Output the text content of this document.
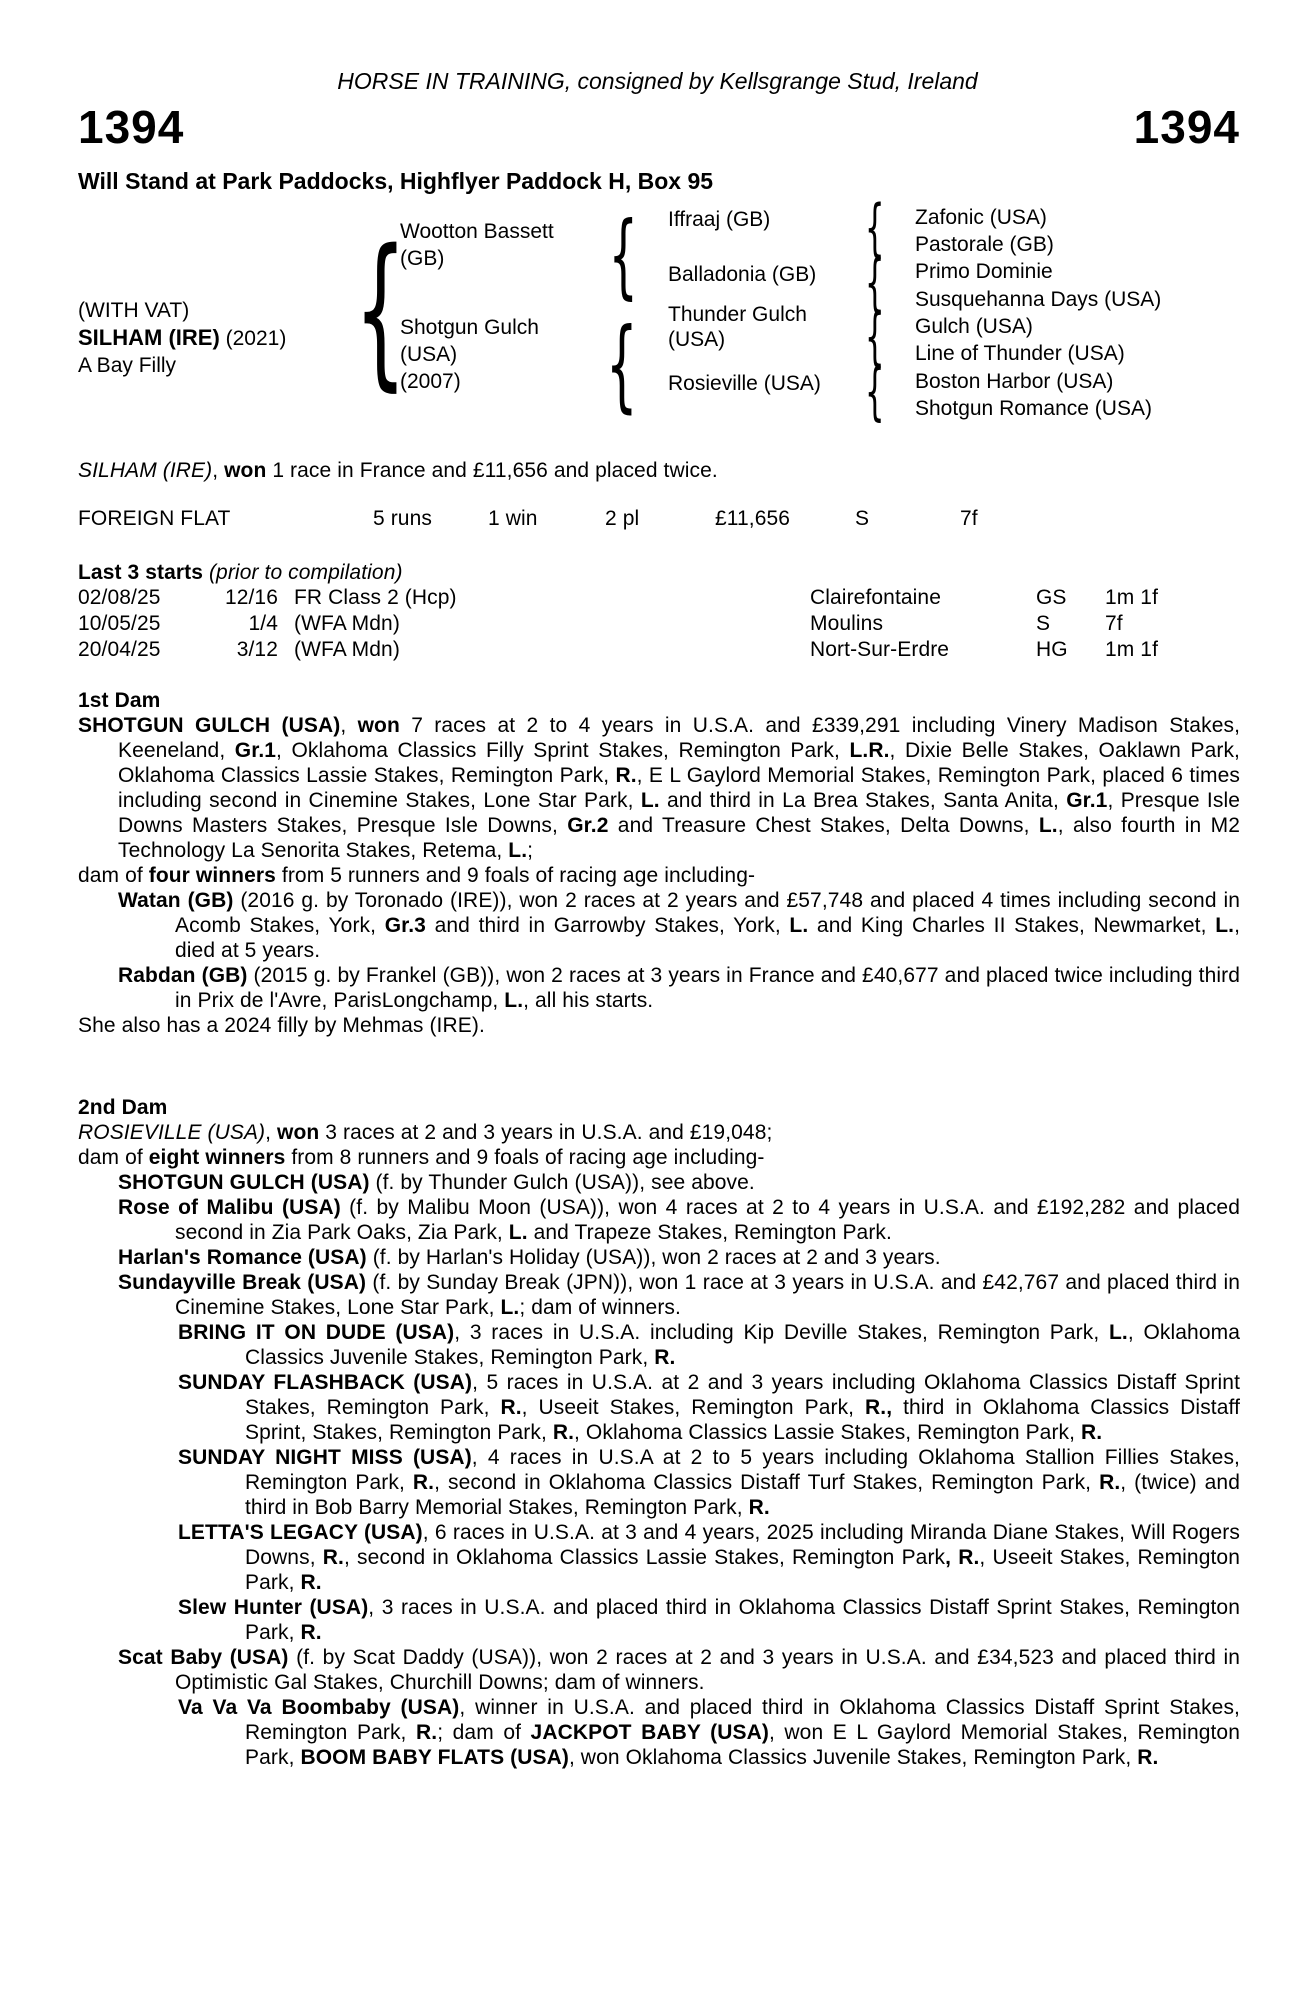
HORSE IN TRAINING, consigned by Kellsgrange Stud, Ireland
1394	1394
Will Stand at Park Paddocks, Highflyer Paddock H, Box 95
(WITH VAT)
SILHAM (IRE) (2021)
A Bay Filly	{
Wootton Bassett
(GB)
Shotgun Gulch
(USA)
(2007)
{
{
Iffraaj (GB)
Balladonia (GB)
Thunder Gulch
(USA)
Rosieville (USA)
{
{
{
{
Zafonic (USA)
Pastorale (GB)
Primo Dominie
Susquehanna Days (USA)
Gulch (USA)
Line of Thunder (USA)
Boston Harbor (USA)
Shotgun Romance (USA)

SILHAM (IRE), won 1 race in France and £11,656 and placed twice.

FOREIGN FLAT	5 runs	1 win	2 pl	£11,656	S	7f

Last 3 starts (prior to compilation)

02/08/25	12/16 FR Class 2 (Hcp)	Clairefontaine	GS 1m 1f
10/05/25	1/4 (WFA Mdn)	Moulins	S	7f
20/04/25	3/12 (WFA Mdn)	Nort-Sur-Erdre	HG 1m 1f

1st Dam

SHOTGUN GULCH (USA), won 7 races at 2 to 4 years in U.S.A. and £339,291 including Vinery Madison Stakes, Keeneland, Gr.1, Oklahoma Classics Filly Sprint Stakes, Remington Park, L.R., Dixie Belle Stakes, Oaklawn Park, Oklahoma Classics Lassie Stakes, Remington Park, R., E L Gaylord Memorial Stakes, Remington Park, placed 6 times including second in Cinemine Stakes, Lone Star Park, L. and third in La Brea Stakes, Santa Anita, Gr.1, Presque Isle Downs Masters Stakes, Presque Isle Downs, Gr.2 and Treasure Chest Stakes, Delta Downs, L., also fourth in M2 Technology La Senorita Stakes, Retema, L.;

dam of four winners from 5 runners and 9 foals of racing age including-

Watan (GB) (2016 g. by Toronado (IRE)), won 2 races at 2 years and £57,748 and placed 4 times including second in Acomb Stakes, York, Gr.3 and third in Garrowby Stakes, York, L. and King Charles II Stakes, Newmarket, L., died at 5 years.

Rabdan (GB) (2015 g. by Frankel (GB)), won 2 races at 3 years in France and £40,677 and placed twice including third in Prix de l'Avre, ParisLongchamp, L., all his starts.

She also has a 2024 filly by Mehmas (IRE).

2nd Dam

ROSIEVILLE (USA), won 3 races at 2 and 3 years in U.S.A. and £19,048;

dam of eight winners from 8 runners and 9 foals of racing age including-

SHOTGUN GULCH (USA) (f. by Thunder Gulch (USA)), see above.

Rose of Malibu (USA) (f. by Malibu Moon (USA)), won 4 races at 2 to 4 years in U.S.A. and £192,282 and placed second in Zia Park Oaks, Zia Park, L. and Trapeze Stakes, Remington Park.

Harlan's Romance (USA) (f. by Harlan's Holiday (USA)), won 2 races at 2 and 3 years.

Sundayville Break (USA) (f. by Sunday Break (JPN)), won 1 race at 3 years in U.S.A. and £42,767 and placed third in Cinemine Stakes, Lone Star Park, L.; dam of winners.

BRING IT ON DUDE (USA), 3 races in U.S.A. including Kip Deville Stakes, Remington Park, L., Oklahoma Classics Juvenile Stakes, Remington Park, R.

SUNDAY FLASHBACK (USA), 5 races in U.S.A. at 2 and 3 years including Oklahoma Classics Distaff Sprint Stakes, Remington Park, R., Useeit Stakes, Remington Park, R., third in Oklahoma Classics Distaff Sprint, Stakes, Remington Park, R., Oklahoma Classics Lassie Stakes, Remington Park, R.

SUNDAY NIGHT MISS (USA), 4 races in U.S.A at 2 to 5 years including Oklahoma Stallion Fillies Stakes, Remington Park, R., second in Oklahoma Classics Distaff Turf Stakes, Remington Park, R., (twice) and third in Bob Barry Memorial Stakes, Remington Park, R.

LETTA'S LEGACY (USA), 6 races in U.S.A. at 3 and 4 years, 2025 including Miranda Diane Stakes, Will Rogers Downs, R., second in Oklahoma Classics Lassie Stakes, Remington Park, R., Useeit Stakes, Remington Park, R.

Slew Hunter (USA), 3 races in U.S.A. and placed third in Oklahoma Classics Distaff Sprint Stakes, Remington Park, R.

Scat Baby (USA) (f. by Scat Daddy (USA)), won 2 races at 2 and 3 years in U.S.A. and £34,523 and placed third in Optimistic Gal Stakes, Churchill Downs; dam of winners.

Va Va Va Boombaby (USA), winner in U.S.A. and placed third in Oklahoma Classics Distaff Sprint Stakes, Remington Park, R.; dam of JACKPOT BABY (USA), won E L Gaylord Memorial Stakes, Remington Park, BOOM BABY FLATS (USA), won Oklahoma Classics Juvenile Stakes, Remington Park, R.
